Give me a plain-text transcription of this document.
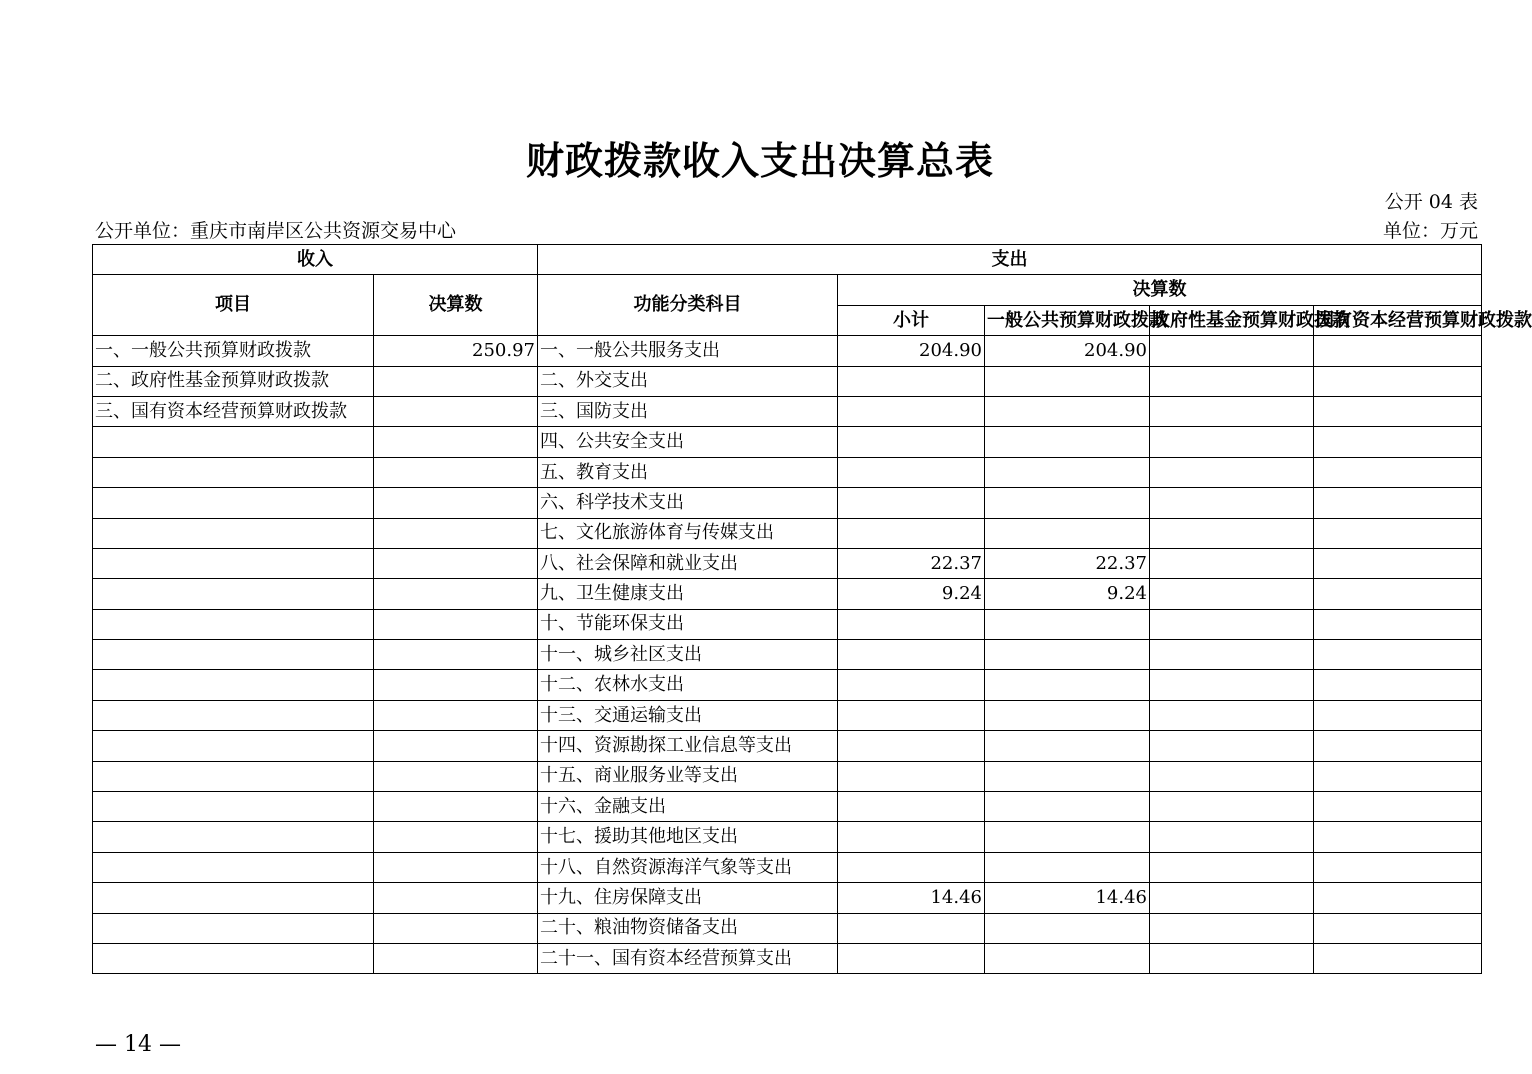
财政拨款收入支出决算总表
公开 04 表
公开单位：重庆市南岸区公共资源交易中心	单位：万元
收入		支出				
项目	决算数	功能分类科目	决算数			
			小计	一般公共预算财政拨款	政府性基金预算财政拨款	国有资本经营预算财政拨款

一、一般公共预算财政拨款	250.97	一、一般公共服务支出	204.90	204.90		
二、政府性基金预算财政拨款		二、外交支出				
三、国有资本经营预算财政拨款		三、国防支出				
		四、公共安全支出				
		五、教育支出				
		六、科学技术支出				
		七、文化旅游体育与传媒支出				
		八、社会保障和就业支出	22.37	22.37		
		九、卫生健康支出	9.24	9.24		
		十、节能环保支出				
		十一、城乡社区支出				
		十二、农林水支出				
		十三、交通运输支出				
		十四、资源勘探工业信息等支出				
		十五、商业服务业等支出				
		十六、金融支出				
		十七、援助其他地区支出				
		十八、自然资源海洋气象等支出				
		十九、住房保障支出	14.46	14.46		
		二十、粮油物资储备支出				
		二十一、国有资本经营预算支出				
— 14 —
